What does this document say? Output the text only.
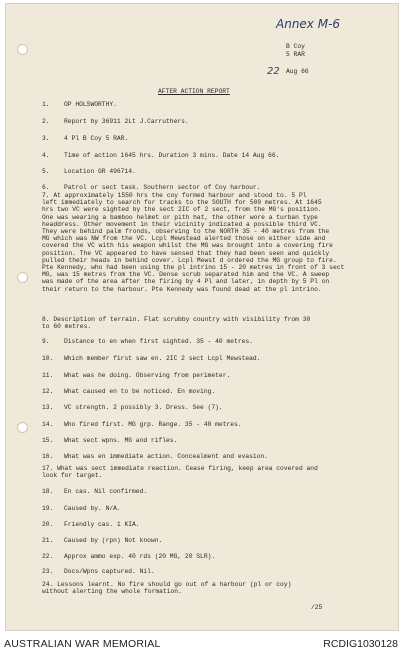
Annex M-6
B Coy
5 RAR
22 Aug 66
AFTER ACTION REPORT
1.	OP HOLSWORTHY.
2.	Report by 36911 2Lt J.Carruthers.
3.	4 Pl B Coy 5 RAR.
4.	Time of action 1645 hrs. Duration 3 mins. Date 14 Aug 66.
5.	Location GR 496714.
6.	Patrol or sect task. Southern sector of Coy harbour.
7. At approximately 1550 hrs the coy formed harbour and stood to. 5 Pl
left immediately to search for tracks to the SOUTH for 500 metres. At 1645
hrs two VC were sighted by the sect 2IC of 2 sect, from the MG's position.
One was wearing a bamboo helmet or pith hat, the other wore a turban type
headdress. Other movement in their vicinity indicated a possible third VC.
They were behind palm fronds, observing to the NORTH 35 - 40 metres from the
MG which was NW from the VC. Lcpl Mewstead alerted those on either side and
covered the VC with his weapon whilst the MG was brought into a covering fire
position. The VC appeared to have sensed that they had been seen and quickly
pulled their heads in behind cover. Lcpl Mewst d ordered the MG group to fire.
Pte Kennedy, who had been using the pl intrino 15 - 20 metres in front of 3 sect
MG, was 15 metres from the VC. Dense scrub separated him and the VC. A sweep
was made of the area after the firing by 4 Pl and later, in depth by 5 Pl on
their return to the harbour. Pte Kennedy was found dead at the pl intrino.
8. Description of terrain. Flat scrubby country with visibility from 30
to 60 metres.
9.	Distance to en when first sighted. 35 - 40 metres.
10.	Which member first saw en. 2IC 2 sect Lcpl Mewstead.
11.	What was he doing. Observing from perimeter.
12.	What caused en to be noticed. En moving.
13.	VC strength. 2 possibly 3. Dress. See (7).
14.	Who fired first. MG grp. Range. 35 - 40 metres.
15.	What sect wpns. MG and rifles.
16.	What was en immediate action. Concealment and evasion.
17. What was sect immediate reaction. Cease firing, keep area covered and
look for target.
18.	En cas. Nil confirmed.
19.	Caused by. N/A.
20.	Friendly cas. 1 KIA.
21.	Caused by (rpn) Not known.
22.	Approx ammo exp. 40 rds (20 MG, 20 SLR).
23.	Docs/Wpns captured. Nil.
24. Lessons learnt. No fire should go out of a harbour (pl or coy)
without alerting the whole formation.
/25
AUSTRALIAN WAR MEMORIAL	RCDIG1030128
